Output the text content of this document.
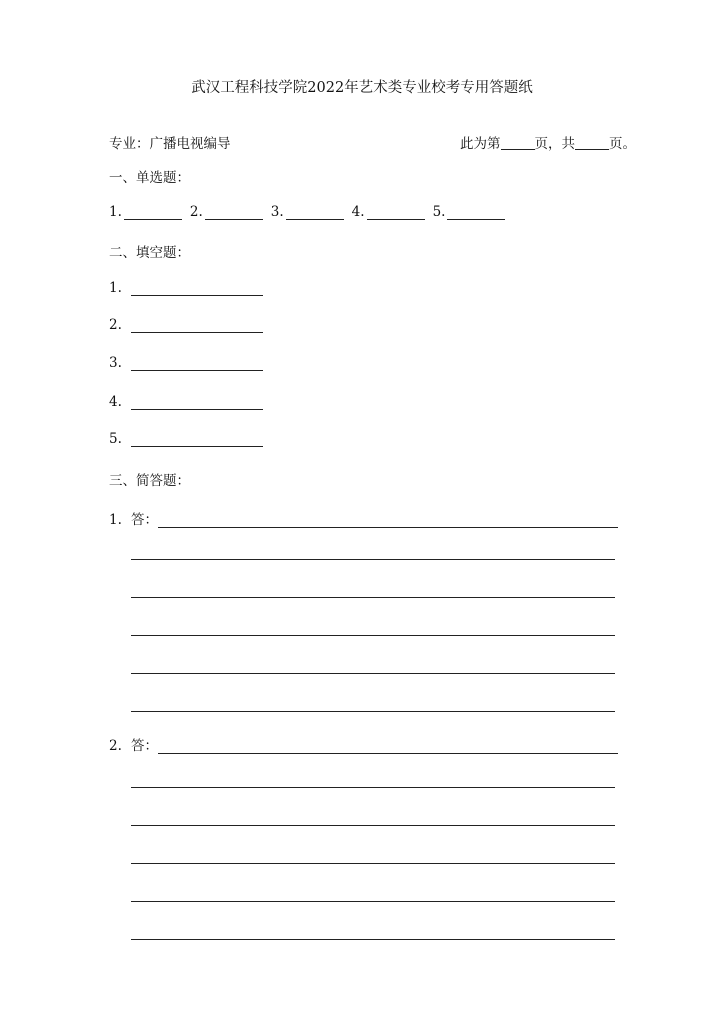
武汉工程科技学院2022年艺术类专业校考专用答题纸
专业：广播电视编导	此为第	页，共	页。
一、单选题：
1.	2.	3.	4.	5.
二、填空题：
1.
2.
3.
4.
5.
三、简答题：
1. 答：
2. 答：
